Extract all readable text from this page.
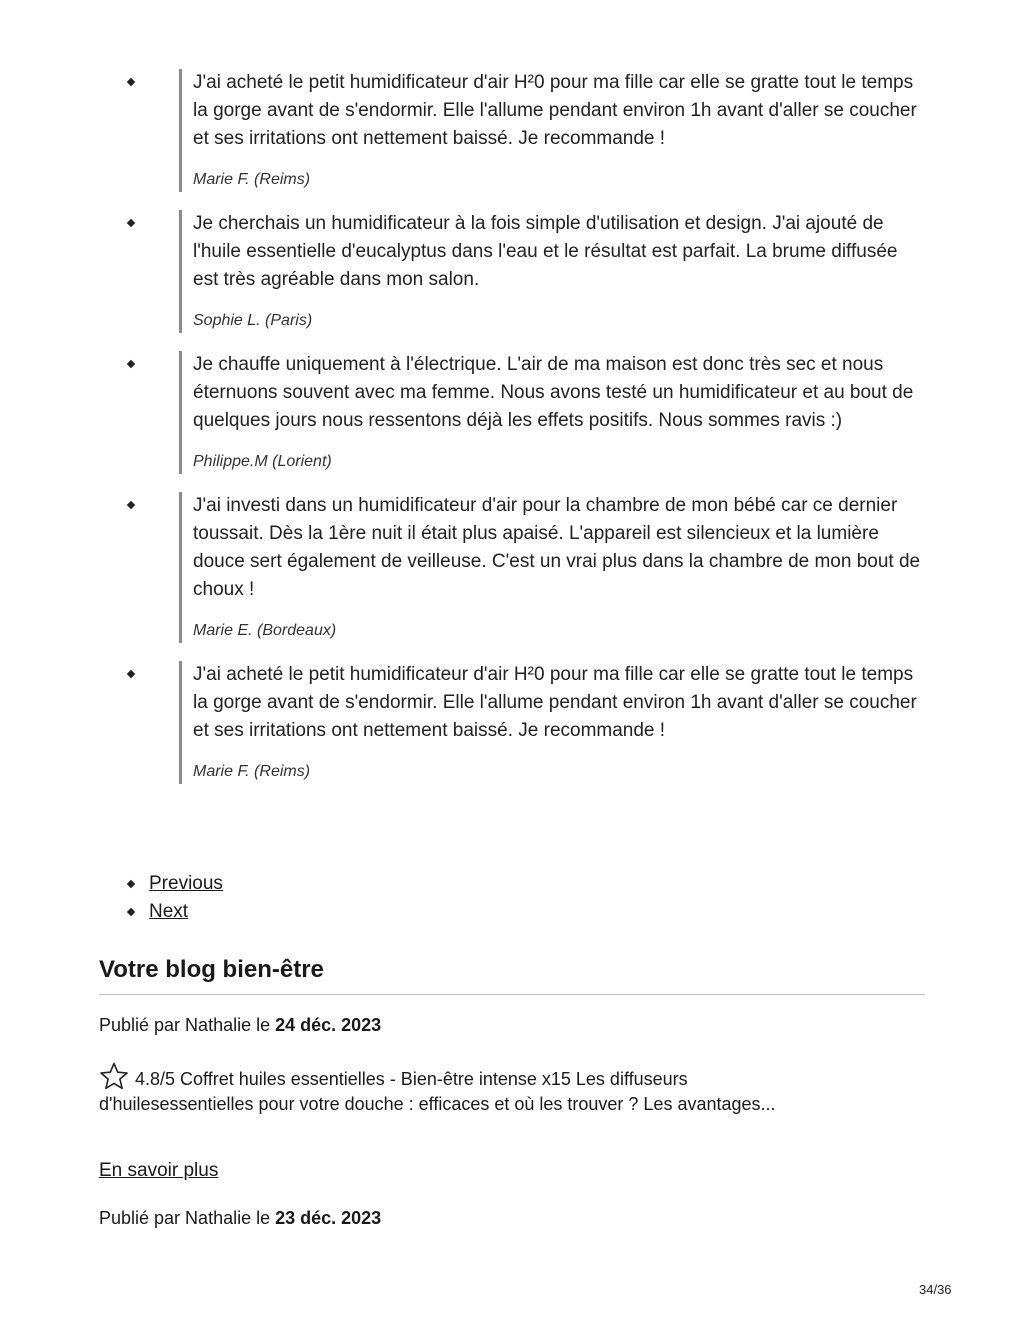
J'ai acheté le petit humidificateur d'air H²0 pour ma fille car elle se gratte tout le temps la gorge avant de s'endormir. Elle l'allume pendant environ 1h avant d'aller se coucher et ses irritations ont nettement baissé. Je recommande !

Marie F. (Reims)

Je cherchais un humidificateur à la fois simple d'utilisation et design. J'ai ajouté de l'huile essentielle d'eucalyptus dans l'eau et le résultat est parfait. La brume diffusée est très agréable dans mon salon.

Sophie L. (Paris)

Je chauffe uniquement à l'électrique. L'air de ma maison est donc très sec et nous éternuons souvent avec ma femme. Nous avons testé un humidificateur et au bout de quelques jours nous ressentons déjà les effets positifs. Nous sommes ravis :)

Philippe.M (Lorient)

J'ai investi dans un humidificateur d'air pour la chambre de mon bébé car ce dernier toussait. Dès la 1ère nuit il était plus apaisé. L'appareil est silencieux et la lumière douce sert également de veilleuse. C'est un vrai plus dans la chambre de mon bout de choux !

Marie E. (Bordeaux)

J'ai acheté le petit humidificateur d'air H²0 pour ma fille car elle se gratte tout le temps la gorge avant de s'endormir. Elle l'allume pendant environ 1h avant d'aller se coucher et ses irritations ont nettement baissé. Je recommande !

Marie F. (Reims)

Previous
Next
Votre blog bien-être

Publié par Nathalie le 24 déc. 2023

4.8/5 Coffret huiles essentielles - Bien-être intense x15 Les diffuseurs d'huilesessentielles pour votre douche : efficaces et où les trouver ? Les avantages...

En savoir plus

Publié par Nathalie le 23 déc. 2023

34/36
